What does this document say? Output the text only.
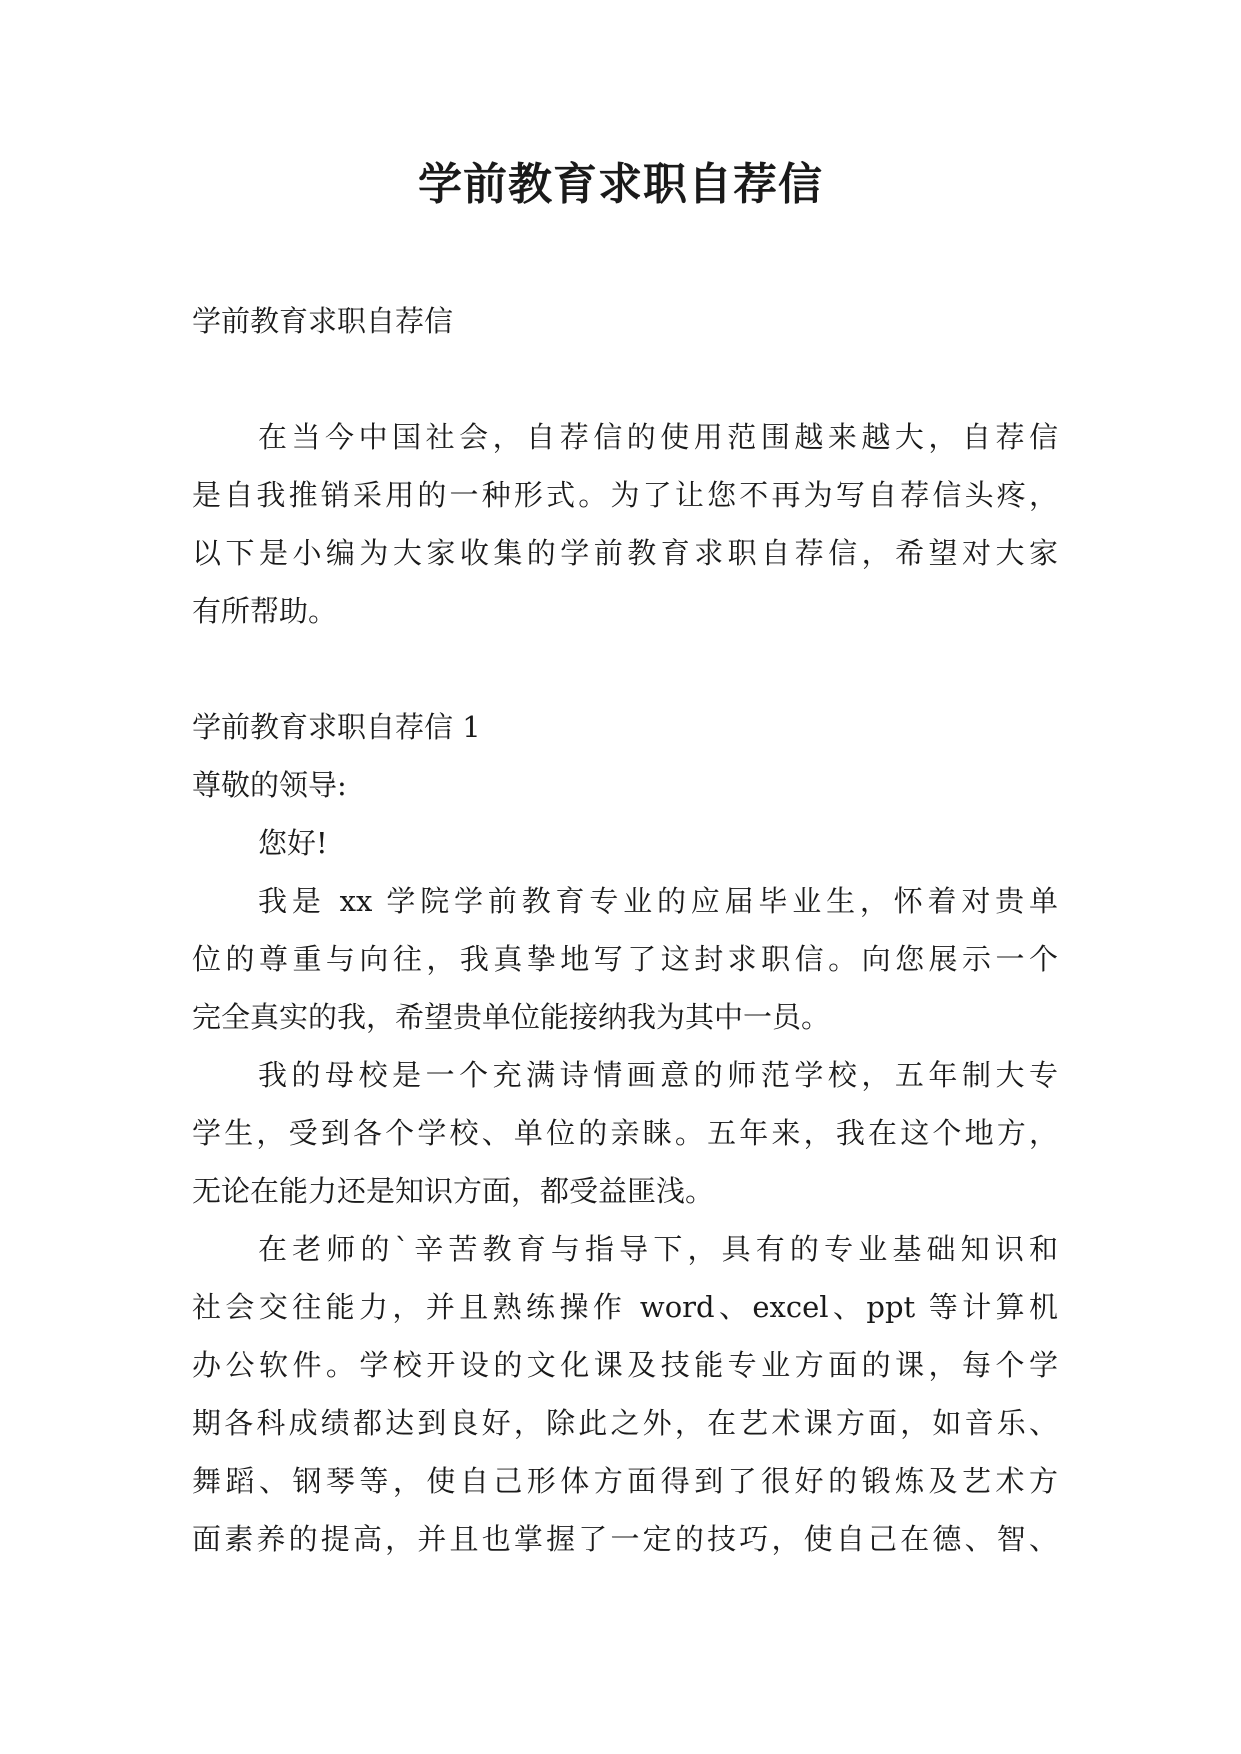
学前教育求职自荐信
学前教育求职自荐信
在当今中国社会，自荐信的使用范围越来越大，自荐信
是自我推销采用的一种形式。为了让您不再为写自荐信头疼，
以下是小编为大家收集的学前教育求职自荐信，希望对大家
有所帮助。
学前教育求职自荐信 1
尊敬的领导:
您好!
我是 xx 学院学前教育专业的应届毕业生，怀着对贵单
位的尊重与向往，我真挚地写了这封求职信。向您展示一个
完全真实的我，希望贵单位能接纳我为其中一员。
我的母校是一个充满诗情画意的师范学校，五年制大专
学生，受到各个学校、单位的亲睐。五年来，我在这个地方，
无论在能力还是知识方面，都受益匪浅。
在老师的`辛苦教育与指导下，具有的专业基础知识和
社会交往能力，并且熟练操作 word、excel、ppt 等计算机
办公软件。学校开设的文化课及技能专业方面的课，每个学
期各科成绩都达到良好，除此之外，在艺术课方面，如音乐、
舞蹈、钢琴等，使自己形体方面得到了很好的锻炼及艺术方
面素养的提高，并且也掌握了一定的技巧，使自己在德、智、
